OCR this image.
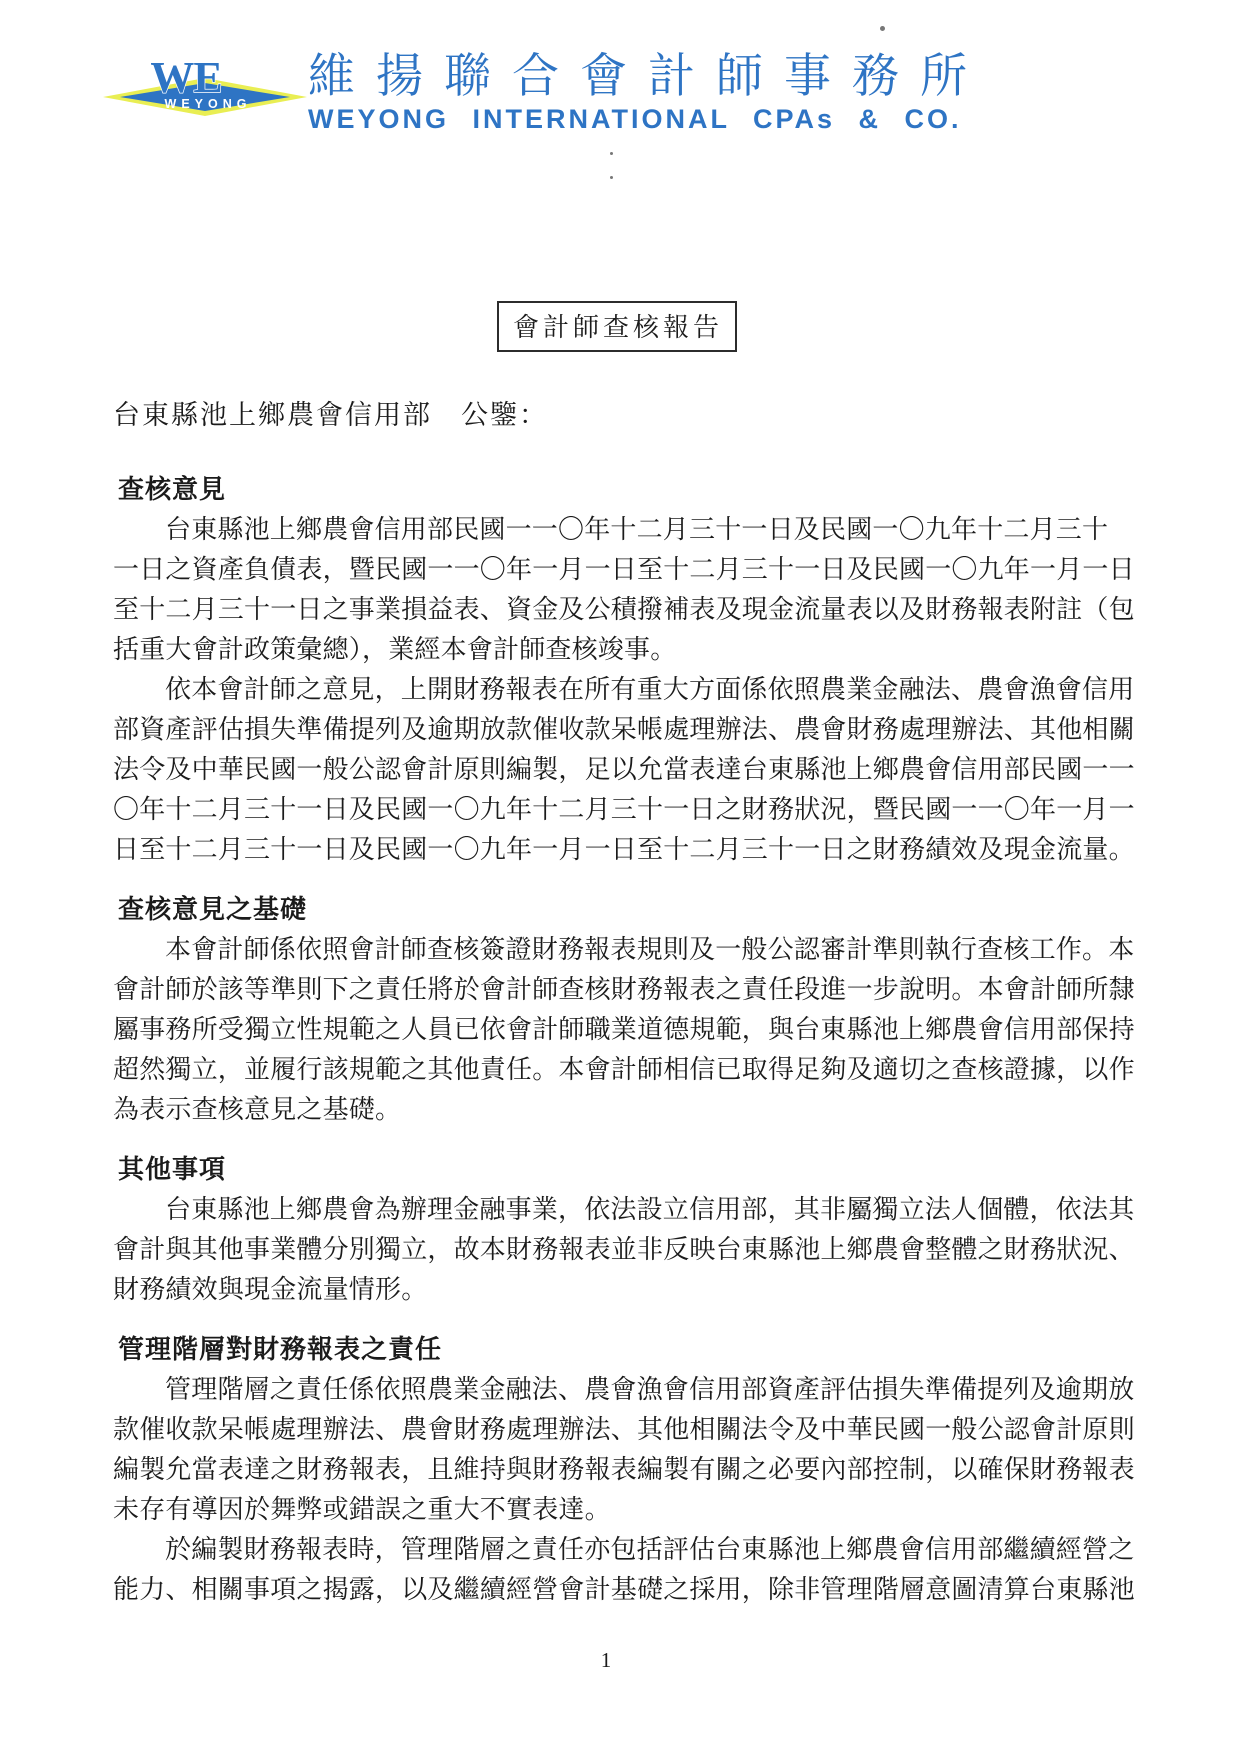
WE
WEYONG
維揚聯合會計師事務所
WEYONG INTERNATIONAL CPAs & CO.
會計師查核報告
台東縣池上鄉農會信用部　公鑒：
查核意見
台東縣池上鄉農會信用部民國一一〇年十二月三十一日及民國一〇九年十二月三十
一日之資產負債表，暨民國一一〇年一月一日至十二月三十一日及民國一〇九年一月一日
至十二月三十一日之事業損益表、資金及公積撥補表及現金流量表以及財務報表附註（包
括重大會計政策彙總），業經本會計師查核竣事。
依本會計師之意見，上開財務報表在所有重大方面係依照農業金融法、農會漁會信用
部資產評估損失準備提列及逾期放款催收款呆帳處理辦法、農會財務處理辦法、其他相關
法令及中華民國一般公認會計原則編製，足以允當表達台東縣池上鄉農會信用部民國一一
〇年十二月三十一日及民國一〇九年十二月三十一日之財務狀況，暨民國一一〇年一月一
日至十二月三十一日及民國一〇九年一月一日至十二月三十一日之財務績效及現金流量。
查核意見之基礎
本會計師係依照會計師查核簽證財務報表規則及一般公認審計準則執行查核工作。本
會計師於該等準則下之責任將於會計師查核財務報表之責任段進一步說明。本會計師所隸
屬事務所受獨立性規範之人員已依會計師職業道德規範，與台東縣池上鄉農會信用部保持
超然獨立，並履行該規範之其他責任。本會計師相信已取得足夠及適切之查核證據，以作
為表示查核意見之基礎。
其他事項
台東縣池上鄉農會為辦理金融事業，依法設立信用部，其非屬獨立法人個體，依法其
會計與其他事業體分別獨立，故本財務報表並非反映台東縣池上鄉農會整體之財務狀況、
財務績效與現金流量情形。
管理階層對財務報表之責任
管理階層之責任係依照農業金融法、農會漁會信用部資產評估損失準備提列及逾期放
款催收款呆帳處理辦法、農會財務處理辦法、其他相關法令及中華民國一般公認會計原則
編製允當表達之財務報表，且維持與財務報表編製有關之必要內部控制，以確保財務報表
未存有導因於舞弊或錯誤之重大不實表達。
於編製財務報表時，管理階層之責任亦包括評估台東縣池上鄉農會信用部繼續經營之
能力、相關事項之揭露，以及繼續經營會計基礎之採用，除非管理階層意圖清算台東縣池
1
